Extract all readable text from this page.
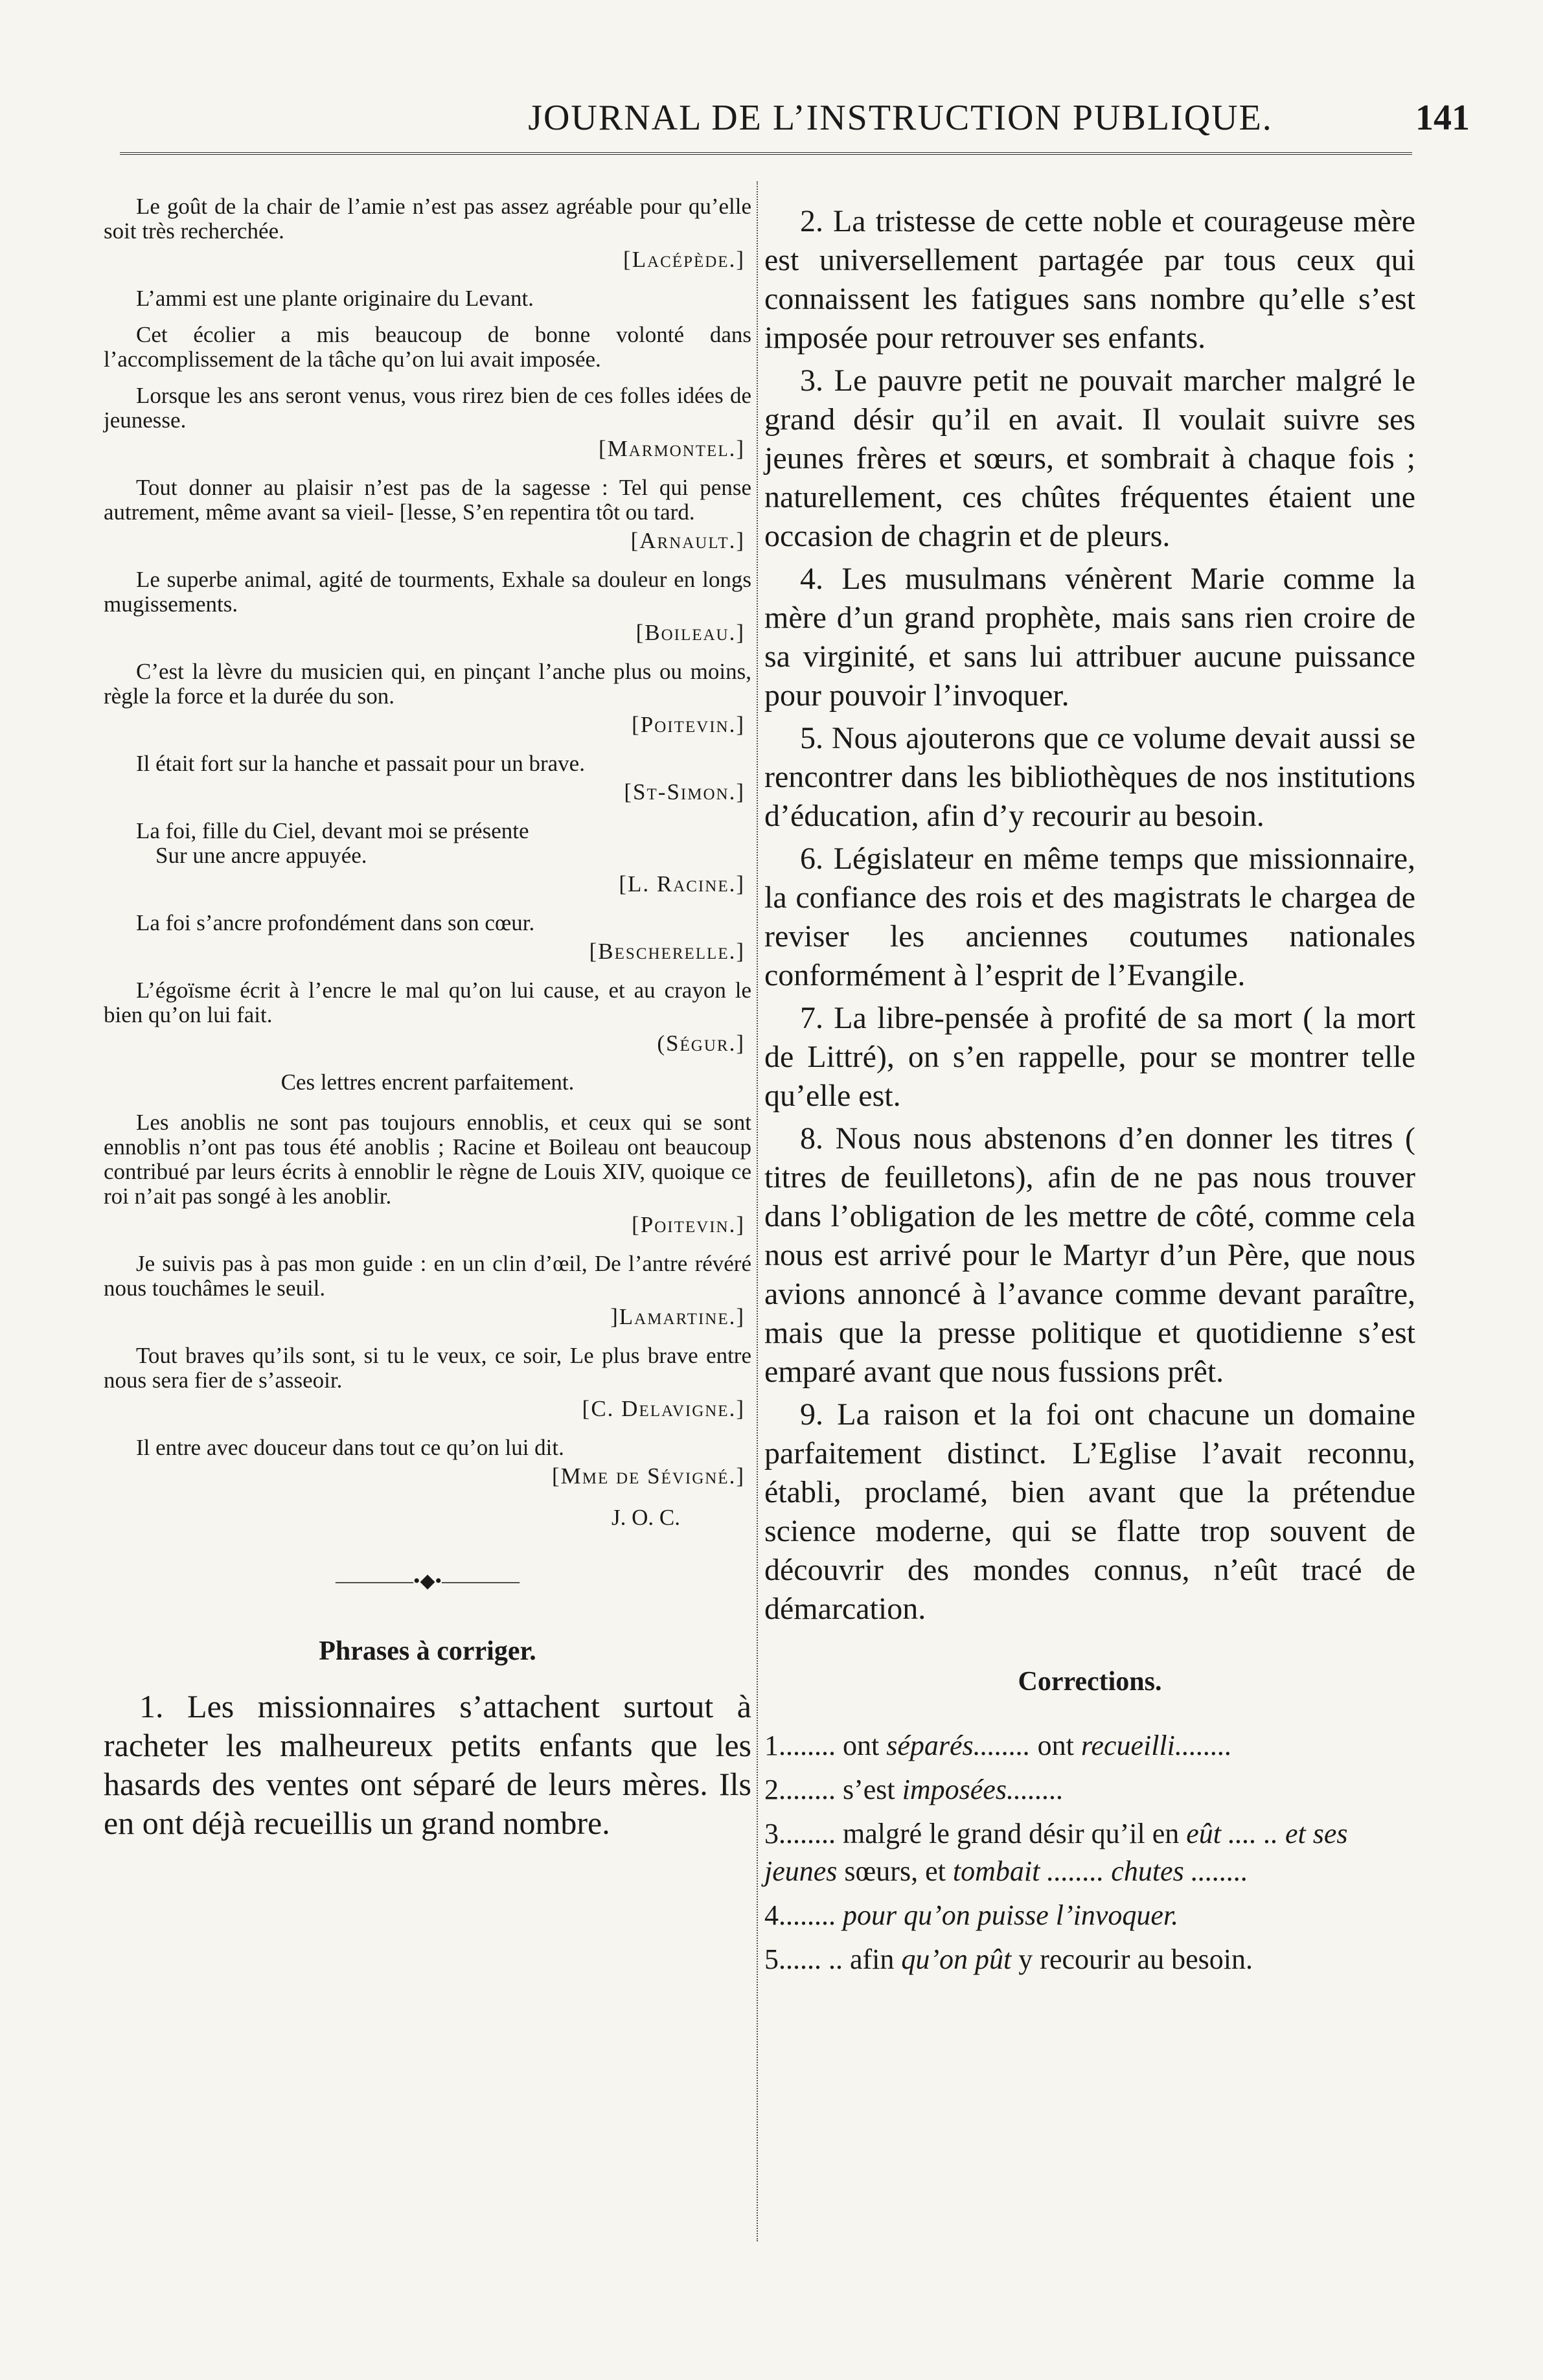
JOURNAL DE L’INSTRUCTION PUBLIQUE.	141

Le goût de la chair de l’amie n’est pas assez agréable pour qu’elle soit très recherchée.

[Lacépède.]

L’ammi est une plante originaire du Levant.

Cet écolier a mis beaucoup de bonne volonté dans l’accomplissement de la tâche qu’on lui avait imposée.

Lorsque les ans seront venus, vous rirez bien de ces folles idées de jeunesse.

[Marmontel.]

Tout donner au plaisir n’est pas de la sagesse : Tel qui pense autrement, même avant sa vieil- [lesse, S’en repentira tôt ou tard.

[Arnault.]

Le superbe animal, agité de tourments, Exhale sa douleur en longs mugissements.

[Boileau.]

C’est la lèvre du musicien qui, en pinçant l’anche plus ou moins, règle la force et la durée du son.

[Poitevin.]

Il était fort sur la hanche et passait pour un brave.

[St-Simon.]

La foi, fille du Ciel, devant moi se présente

Sur une ancre appuyée.

[L. Racine.]

La foi s’ancre profondément dans son cœur.

[Bescherelle.]

L’égoïsme écrit à l’encre le mal qu’on lui cause, et au crayon le bien qu’on lui fait.

(Ségur.]
Ces lettres encrent parfaitement.

Les anoblis ne sont pas toujours ennoblis, et ceux qui se sont ennoblis n’ont pas tous été anoblis ; Racine et Boileau ont beaucoup contribué par leurs écrits à ennoblir le règne de Louis XIV, quoique ce roi n’ait pas songé à les anoblir.

[Poitevin.]

Je suivis pas à pas mon guide : en un clin d’œil, De l’antre révéré nous touchâmes le seuil.

]Lamartine.]

Tout braves qu’ils sont, si tu le veux, ce soir, Le plus brave entre nous sera fier de s’asseoir.

[C. Delavigne.]

Il entre avec douceur dans tout ce qu’on lui dit.

[Mme de Sévigné.]
J. O. C.
————•◆•————
Phrases à corriger.

1. Les missionnaires s’attachent surtout à racheter les malheureux petits enfants que les hasards des ventes ont séparé de leurs mères. Ils en ont déjà recueillis un grand nombre.

2. La tristesse de cette noble et courageuse mère est universellement partagée par tous ceux qui connaissent les fatigues sans nombre qu’elle s’est imposée pour retrouver ses enfants.

3. Le pauvre petit ne pouvait marcher malgré le grand désir qu’il en avait. Il voulait suivre ses jeunes frères et sœurs, et sombrait à chaque fois ; naturellement, ces chûtes fréquentes étaient une occasion de chagrin et de pleurs.

4. Les musulmans vénèrent Marie comme la mère d’un grand prophète, mais sans rien croire de sa virginité, et sans lui attribuer aucune puissance pour pouvoir l’invoquer.

5. Nous ajouterons que ce volume devait aussi se rencontrer dans les bibliothèques de nos institutions d’éducation, afin d’y recourir au besoin.

6. Législateur en même temps que missionnaire, la confiance des rois et des magistrats le chargea de reviser les anciennes coutumes nationales conformément à l’esprit de l’Evangile.

7. La libre-pensée à profité de sa mort ( la mort de Littré), on s’en rappelle, pour se montrer telle qu’elle est.

8. Nous nous abstenons d’en donner les titres ( titres de feuilletons), afin de ne pas nous trouver dans l’obligation de les mettre de côté, comme cela nous est arrivé pour le Martyr d’un Père, que nous avions annoncé à l’avance comme devant paraître, mais que la presse politique et quotidienne s’est emparé avant que nous fussions prêt.

9. La raison et la foi ont chacune un domaine parfaitement distinct. L’Eglise l’avait reconnu, établi, proclamé, bien avant que la prétendue science moderne, qui se flatte trop souvent de découvrir des mondes connus, n’eût tracé de démarcation.

Corrections.
1........ ont séparés........ ont recueilli........
2........ s’est imposées........
3........ malgré le grand désir qu’il en eût .... .. et ses jeunes sœurs, et tombait ........ chutes ........
4........ pour qu’on puisse l’invoquer.
5...... .. afin qu’on pût y recourir au besoin.
